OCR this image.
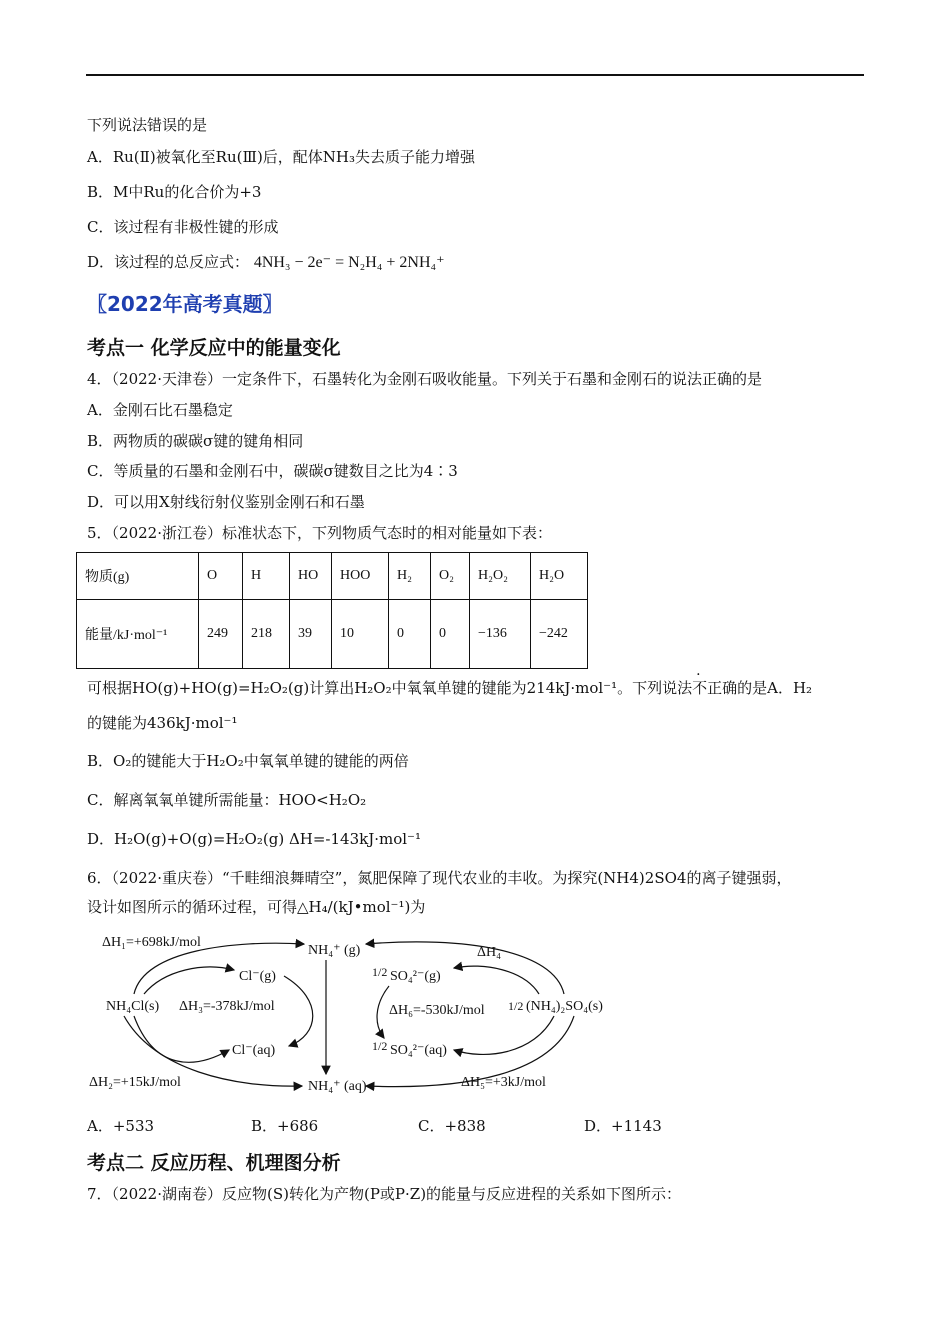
下列说法错误的是
A．Ru(Ⅱ)被氧化至Ru(Ⅲ)后，配体NH₃失去质子能力增强
B．M中Ru的化合价为+3
C．该过程有非极性键的形成
D．该过程的总反应式： 4NH₃ − 2e⁻ = N₂H₄ + 2NH₄⁺
〖2022年高考真题〗
考点一 化学反应中的能量变化
4．（2022·天津卷）一定条件下，石墨转化为金刚石吸收能量。下列关于石墨和金刚石的说法正确的是
A．金刚石比石墨稳定
B．两物质的碳碳σ键的键角相同
C．等质量的石墨和金刚石中，碳碳σ键数目之比为4∶3
D．可以用X射线衍射仪鉴别金刚石和石墨
5．（2022·浙江卷）标准状态下，下列物质气态时的相对能量如下表：
物质(g)	O	H	HO	HOO	H₂	O₂	H₂O₂	H₂O
能量/kJ·mol⁻¹	249	218	39	10	0	0	−136	−242
可根据HO(g)+HO(g)=H₂O₂(g)计算出H₂O₂中氧氧单键的键能为214kJ·mol⁻¹。下列说法不正确的是A．H₂
的键能为436kJ·mol⁻¹
B．O₂的键能大于H₂O₂中氧氧单键的键能的两倍
C．解离氧氧单键所需能量：HOO<H₂O₂
D．H₂O(g)+O(g)=H₂O₂(g) ΔH=-143kJ·mol⁻¹
6．（2022·重庆卷）“千畦细浪舞晴空”，氮肥保障了现代农业的丰收。为探究(NH4)2SO4的离子键强弱，
设计如图所示的循环过程，可得△H₄/(kJ•mol⁻¹)为
ΔH₁=+698kJ/mol
NH₄⁺ (g)
Cl⁻(g)
NH₄Cl(s) ΔH₃=-378kJ/mol
Cl⁻(aq)
ΔH₂=+15kJ/mol	NH₄⁺ (aq)
ΔH₄
1/2 SO₄²⁻(g)
ΔH₆=-530kJ/mol 1/2 (NH₄)₂SO₄(s)
1/2 SO₄²⁻(aq)
ΔH₅=+3kJ/mol
A．+533	B．+686	C．+838	D．+1143
考点二 反应历程、机理图分析
7．（2022·湖南卷）反应物(S)转化为产物(P或P·Z)的能量与反应进程的关系如下图所示：
